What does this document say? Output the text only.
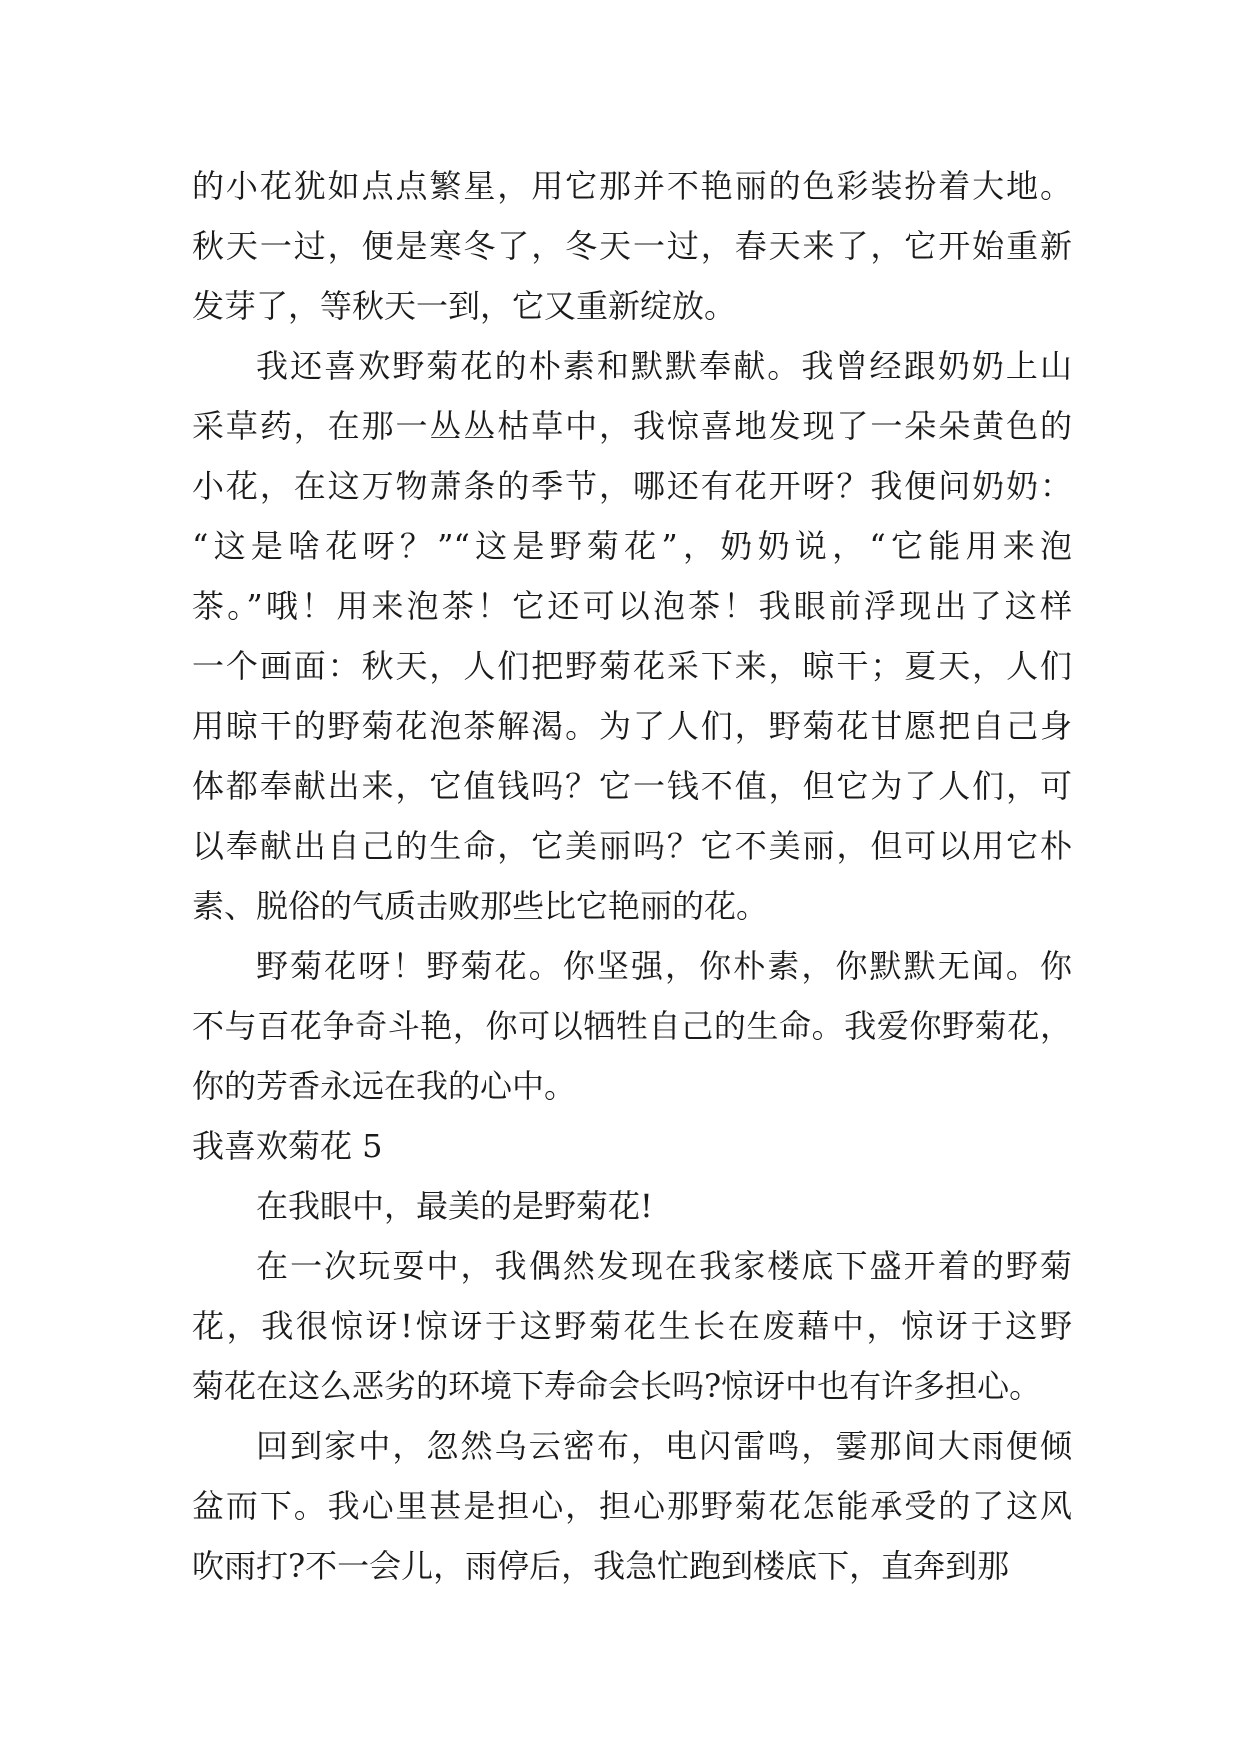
的小花犹如点点繁星，用它那并不艳丽的色彩装扮着大地。
秋天一过，便是寒冬了，冬天一过，春天来了，它开始重新
发芽了，等秋天一到，它又重新绽放。
我还喜欢野菊花的朴素和默默奉献。我曾经跟奶奶上山
采草药，在那一丛丛枯草中，我惊喜地发现了一朵朵黄色的
小花，在这万物萧条的季节，哪还有花开呀？我便问奶奶：
“这是啥花呀？”“这是野菊花”，奶奶说，“它能用来泡
茶。”哦！用来泡茶！它还可以泡茶！我眼前浮现出了这样
一个画面：秋天，人们把野菊花采下来，晾干；夏天，人们
用晾干的野菊花泡茶解渴。为了人们，野菊花甘愿把自己身
体都奉献出来，它值钱吗？它一钱不值，但它为了人们，可
以奉献出自己的生命，它美丽吗？它不美丽，但可以用它朴
素、脱俗的气质击败那些比它艳丽的花。
野菊花呀！野菊花。你坚强，你朴素，你默默无闻。你
不与百花争奇斗艳，你可以牺牲自己的生命。我爱你野菊花，
你的芳香永远在我的心中。
我喜欢菊花 5
在我眼中，最美的是野菊花!
在一次玩耍中，我偶然发现在我家楼底下盛开着的野菊
花，我很惊讶!惊讶于这野菊花生长在废藉中，惊讶于这野
菊花在这么恶劣的环境下寿命会长吗?惊讶中也有许多担心。
回到家中，忽然乌云密布，电闪雷鸣，霎那间大雨便倾
盆而下。我心里甚是担心，担心那野菊花怎能承受的了这风
吹雨打?不一会儿，雨停后，我急忙跑到楼底下，直奔到那
